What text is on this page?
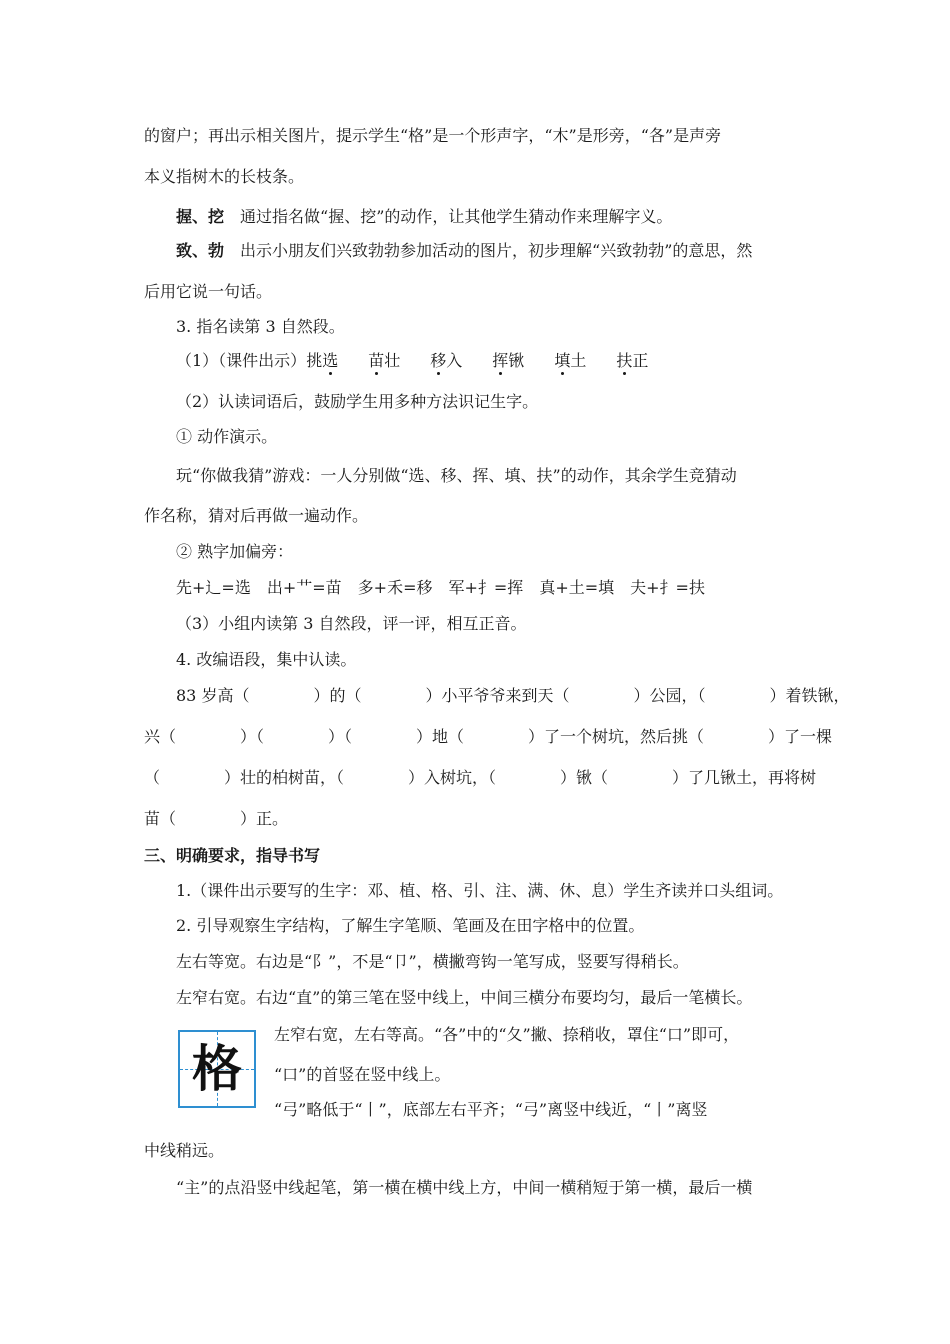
的窗户；再出示相关图片，提示学生“格”是一个形声字，“木”是形旁，“各”是声旁
本义指树木的长枝条。
握、挖 通过指名做“握、挖”的动作，让其他学生猜动作来理解字义。
致、勃 出示小朋友们兴致勃勃参加活动的图片，初步理解“兴致勃勃”的意思，然
后用它说一句话。
3. 指名读第 3 自然段。
（1）（课件出示）挑选 苗壮 移入 挥锹 填土 扶正
（2）认读词语后，鼓励学生用多种方法识记生字。
① 动作演示。
玩“你做我猜”游戏：一人分别做“选、移、挥、填、扶”的动作，其余学生竞猜动
作名称，猜对后再做一遍动作。
② 熟字加偏旁：
先+辶=选 出+艹=苗 多+禾=移 军+扌=挥 真+土=填 夫+扌=扶
（3）小组内读第 3 自然段，评一评，相互正音。
4. 改编语段，集中认读。
83 岁高（　　　　）的（　　　　）小平爷爷来到天（　　　　）公园，（　　　　）着铁锹，
兴（　　　　）（　　　　）（　　　　）地（　　　　）了一个树坑，然后挑（　　　　）了一棵
（　　　　）壮的柏树苗，（　　　　）入树坑，（　　　　）锹（　　　　）了几锹土，再将树
苗（　　　　）正。
三、明确要求，指导书写
1.（课件出示要写的生字：邓、植、格、引、注、满、休、息）学生齐读并口头组词。
2. 引导观察生字结构，了解生字笔顺、笔画及在田字格中的位置。
左右等宽。右边是“阝”，不是“卩”，横撇弯钩一笔写成，竖要写得稍长。
左窄右宽。右边“直”的第三笔在竖中线上，中间三横分布要均匀，最后一笔横长。
格
左窄右宽，左右等高。“各”中的“夂”撇、捺稍收，罩住“口”即可，
“口”的首竖在竖中线上。
“弓”略低于“丨”，底部左右平齐；“弓”离竖中线近，“丨”离竖
中线稍远。
“主”的点沿竖中线起笔，第一横在横中线上方，中间一横稍短于第一横，最后一横
